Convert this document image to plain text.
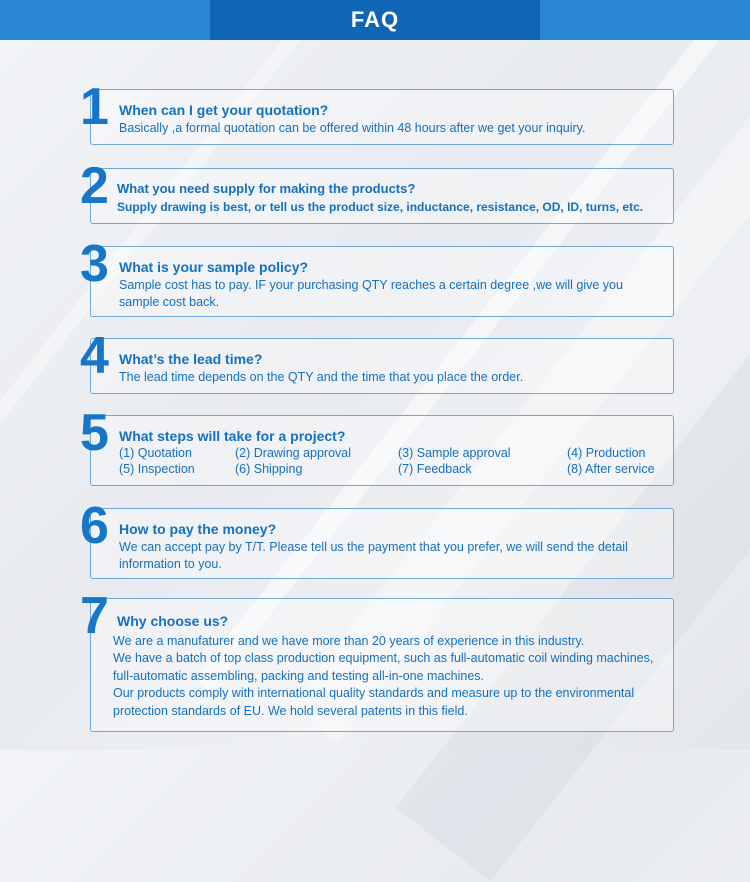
FAQ
When can I get your quotation?
Basically ,a formal quotation can be offered within 48 hours after we get your inquiry.
1
What you need supply for making the products?
Supply drawing is best, or tell us the product size, inductance, resistance, OD, ID, turns, etc.
2
What is your sample policy?
Sample cost has to pay. IF your purchasing QTY reaches a certain degree ,we will give you sample cost back.
3
What’s the lead time?
The lead time depends on the QTY and the time that you place the order.
4
What steps will take for a project?
(1) Quotation	(2) Drawing approval	(3) Sample approval	(4) Production
(5) Inspection	(6) Shipping	(7) Feedback	(8) After service
5
How to pay the money?
We can accept pay by T/T. Please tell us the payment that you prefer, we will send the detail information to you.
6
Why choose us?
We are a manufaturer and we have more than 20 years of experience in this industry.
We have a batch of top class production equipment, such as full-automatic coil winding machines, full-automatic assembling, packing and testing all-in-one machines.
Our products comply with international quality standards and measure up to the environmental protection standards of EU. We hold several patents in this field.
7
